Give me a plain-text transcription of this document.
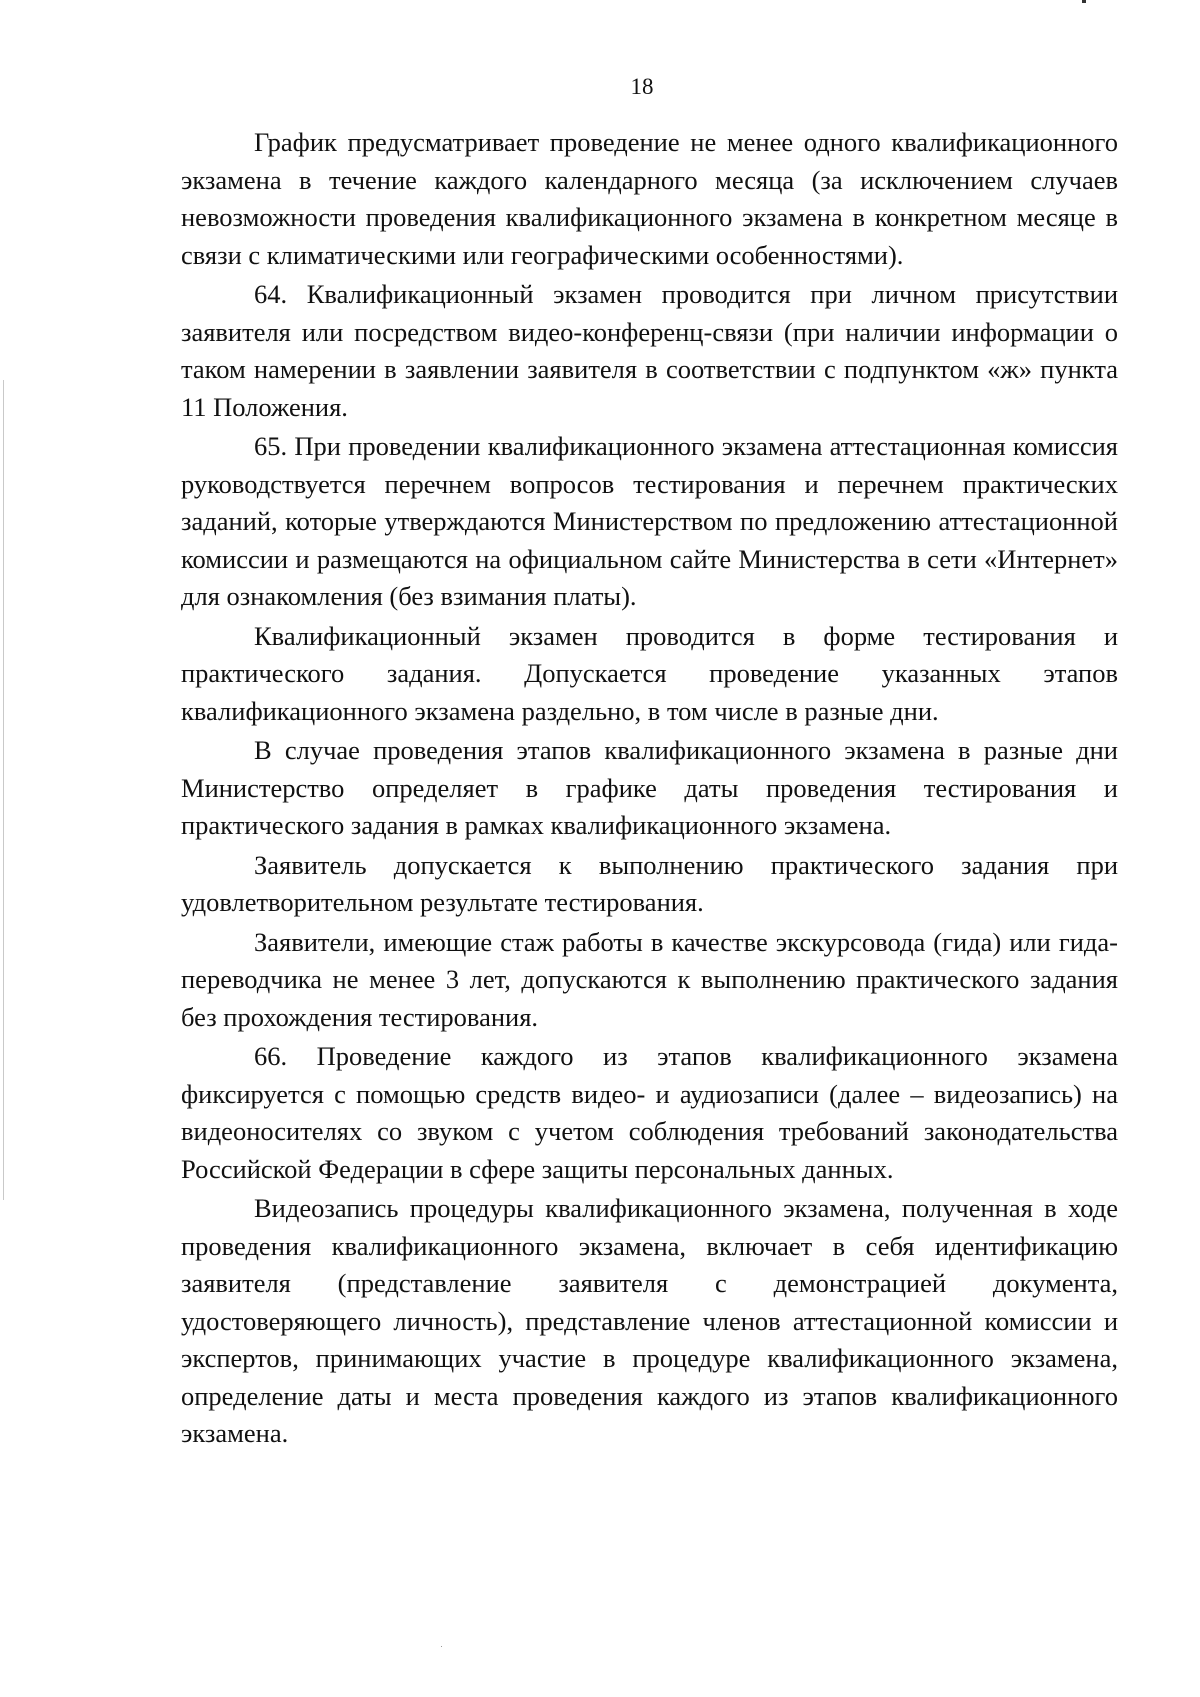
18

График предусматривает проведение не менее одного квалификационного экзамена в течение каждого календарного месяца (за исключением случаев невозможности проведения квалификационного экзамена в конкретном месяце в связи с климатическими или географическими особенностями).

64. Квалификационный экзамен проводится при личном присутствии заявителя или посредством видео-конференц-связи (при наличии информации о таком намерении в заявлении заявителя в соответствии с подпунктом «ж» пункта 11 Положения.

65. При проведении квалификационного экзамена аттестационная комиссия руководствуется перечнем вопросов тестирования и перечнем практических заданий, которые утверждаются Министерством по предложению аттестационной комиссии и размещаются на официальном сайте Министерства в сети «Интернет» для ознакомления (без взимания платы).

Квалификационный экзамен проводится в форме тестирования и практического задания. Допускается проведение указанных этапов квалификационного экзамена раздельно, в том числе в разные дни.

В случае проведения этапов квалификационного экзамена в разные дни Министерство определяет в графике даты проведения тестирования и практического задания в рамках квалификационного экзамена.

Заявитель допускается к выполнению практического задания при удовлетворительном результате тестирования.

Заявители, имеющие стаж работы в качестве экскурсовода (гида) или гида-переводчика не менее 3 лет, допускаются к выполнению практического задания без прохождения тестирования.

66. Проведение каждого из этапов квалификационного экзамена фиксируется с помощью средств видео- и аудиозаписи (далее – видеозапись) на видеоносителях со звуком с учетом соблюдения требований законодательства Российской Федерации в сфере защиты персональных данных.

Видеозапись процедуры квалификационного экзамена, полученная в ходе проведения квалификационного экзамена, включает в себя идентификацию заявителя (представление заявителя с демонстрацией документа, удостоверяющего личность), представление членов аттестационной комиссии и экспертов, принимающих участие в процедуре квалификационного экзамена, определение даты и места проведения каждого из этапов квалификационного экзамена.
